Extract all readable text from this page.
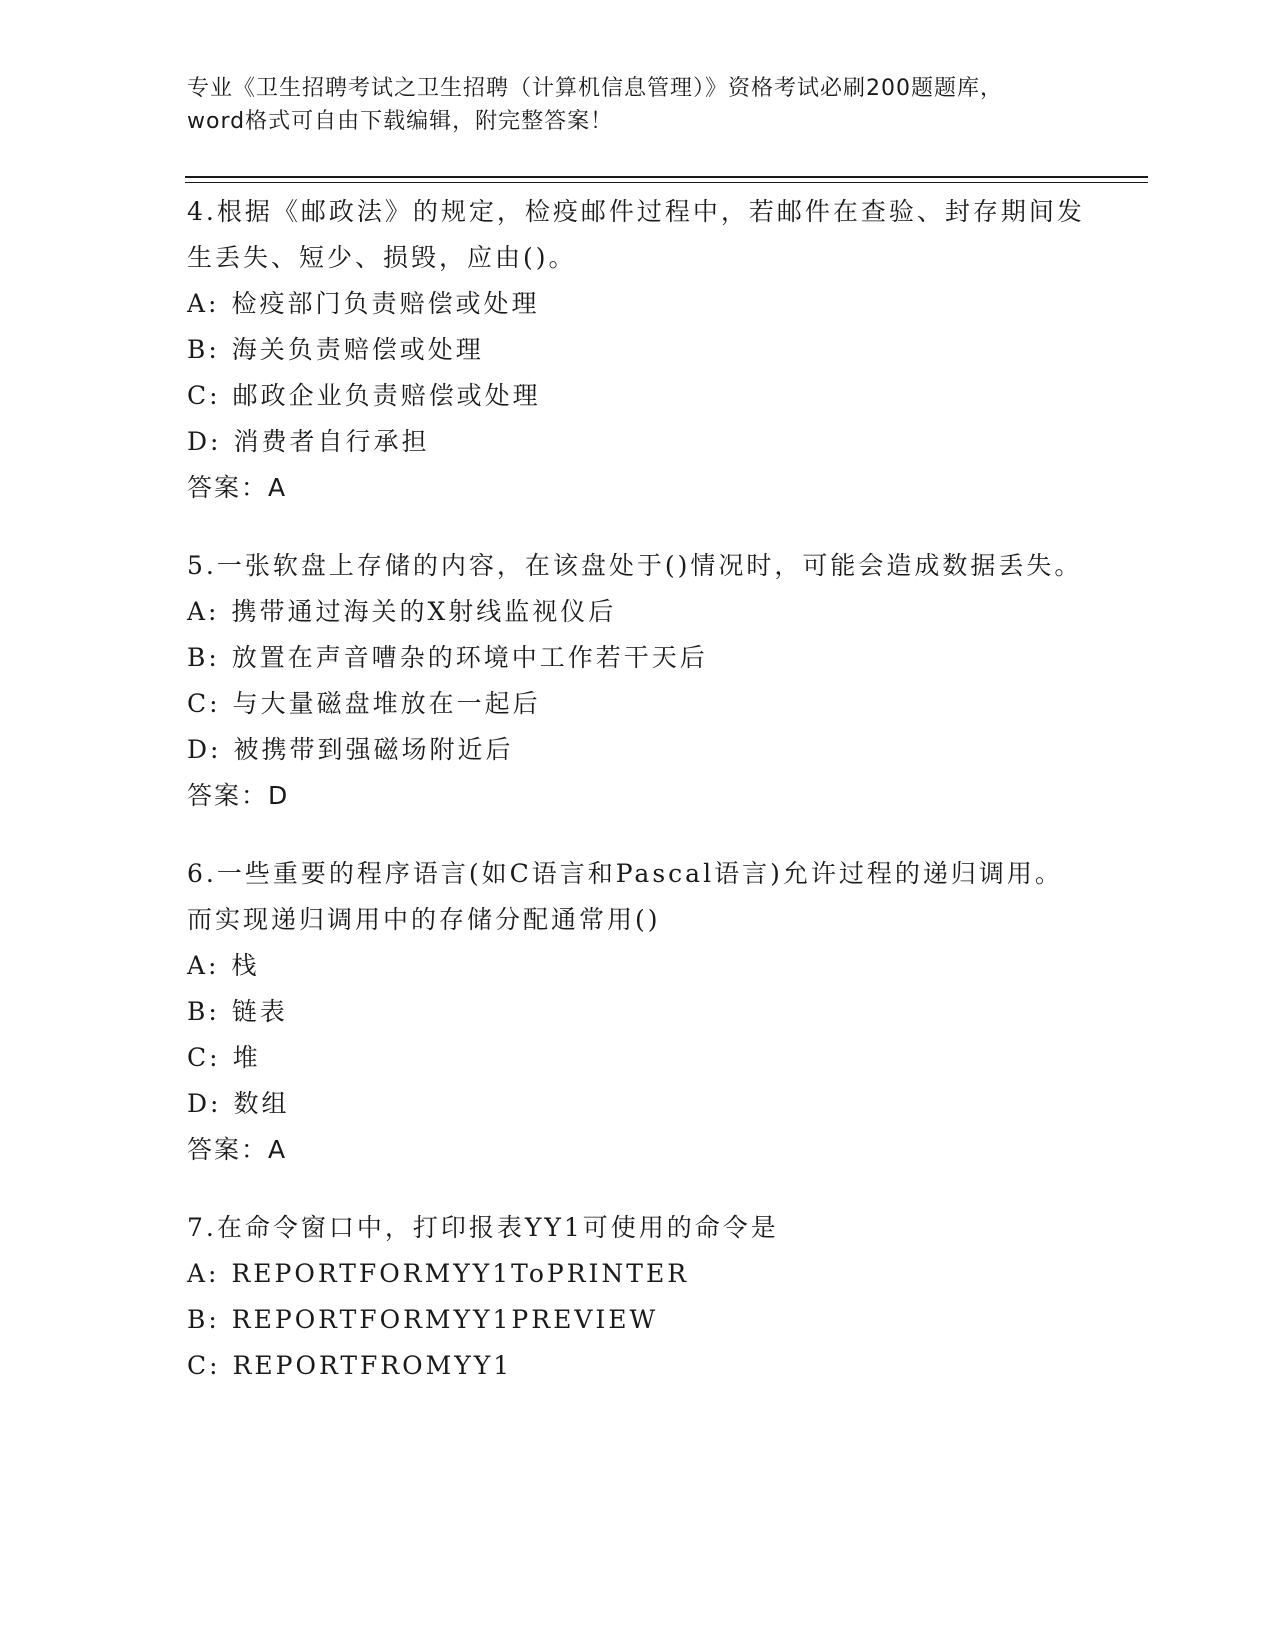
专业《卫生招聘考试之卫生招聘（计算机信息管理）》资格考试必刷200题题库，
word格式可自由下载编辑，附完整答案！

4.根据《邮政法》的规定，检疫邮件过程中，若邮件在查验、封存期间发生丢失、短少、损毁，应由()。

A: 检疫部门负责赔偿或处理

B: 海关负责赔偿或处理

C: 邮政企业负责赔偿或处理

D: 消费者自行承担

答案：A

5.一张软盘上存储的内容，在该盘处于()情况时，可能会造成数据丢失。

A: 携带通过海关的X射线监视仪后

B: 放置在声音嘈杂的环境中工作若干天后

C: 与大量磁盘堆放在一起后

D: 被携带到强磁场附近后

答案：D

6.一些重要的程序语言(如C语言和Pascal语言)允许过程的递归调用。而实现递归调用中的存储分配通常用()

A: 栈

B: 链表

C: 堆

D: 数组

答案：A

7.在命令窗口中，打印报表YY1可使用的命令是

A: REPORTFORMYY1ToPRINTER

B: REPORTFORMYY1PREVIEW

C: REPORTFROMYY1
